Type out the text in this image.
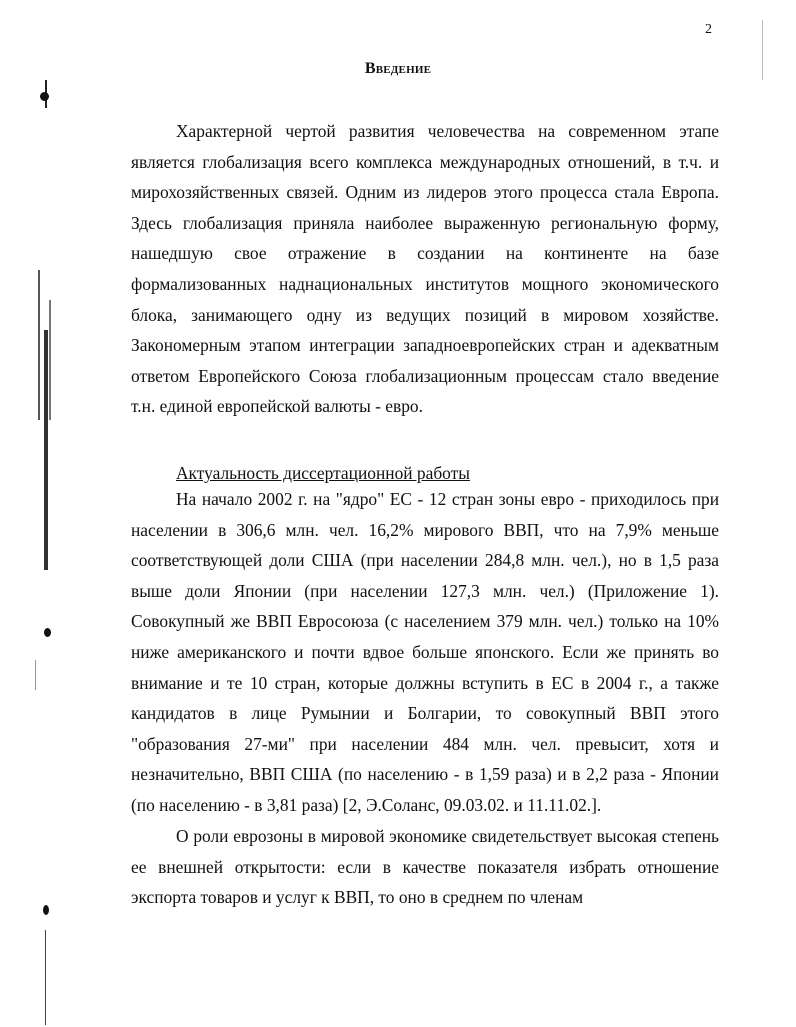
2
Введение

Характерной чертой развития человечества на современном этапе является глобализация всего комплекса международных отношений, в т.ч. и мирохозяйственных связей. Одним из лидеров этого процесса стала Европа. Здесь глобализация приняла наиболее выраженную региональную форму, нашедшую свое отражение в создании на континенте на базе формализованных наднациональных институтов мощного экономического блока, занимающего одну из ведущих позиций в мировом хозяйстве. Закономерным этапом интеграции западноевропейских стран и адекватным ответом Европейского Союза глобализационным процессам стало введение т.н. единой европейской валюты - евро.

Актуальность диссертационной работы

На начало 2002 г. на "ядро" ЕС - 12 стран зоны евро - приходилось при населении в 306,6 млн. чел. 16,2% мирового ВВП, что на 7,9% меньше соответствующей доли США (при населении 284,8 млн. чел.), но в 1,5 раза выше доли Японии (при населении 127,3 млн. чел.) (Приложение 1). Совокупный же ВВП Евросоюза (с населением 379 млн. чел.) только на 10% ниже американского и почти вдвое больше японского. Если же принять во внимание и те 10 стран, которые должны вступить в ЕС в 2004 г., а также кандидатов в лице Румынии и Болгарии, то совокупный ВВП этого "образования 27-ми" при населении 484 млн. чел. превысит, хотя и незначительно, ВВП США (по населению - в 1,59 раза) и в 2,2 раза - Японии (по населению - в 3,81 раза) [2, Э.Соланс, 09.03.02. и 11.11.02.].

О роли еврозоны в мировой экономике свидетельствует высокая степень ее внешней открытости: если в качестве показателя избрать отношение экспорта товаров и услуг к ВВП, то оно в среднем по членам
